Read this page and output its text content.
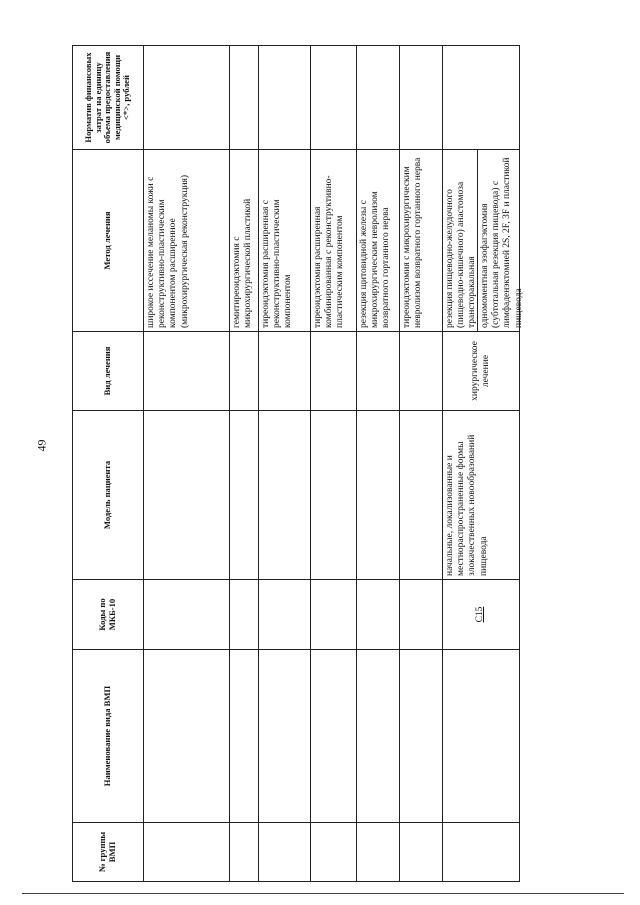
49
№ группы ВМП	Наименование вида ВМП	Коды по МКБ-10	Модель пациента	Вид лечения	Метод лечения	Норматив финансовых затрат на единицу объема предоставления медицинской помощи <*>, рублей
					широкое иссечение меланомы кожи с реконструктивно-пластическим компонентом расширенное (микрохирургическая реконструкция)	
					гемитиреоидэктомия с микрохирургической пластикой	
					тиреоидэктомия расширенная с реконструктивно-пластическим компонентом	
					тиреоидэктомия расширенная комбинированная с реконструктивно-пластическим компонентом	
					резекция щитовидной железы с микрохирургическим невролизом возвратного гортанного нерва	
					тиреоидэктомия с микрохирургическим невролизом возвратного гортанного нерва	
		C15	начальные, локализованные и местнораспространенные формы злокачественных новообразований пищевода	хирургическое лечение	резекция пищеводно-желудочного (пищеводно-кишечного) анастомоза трансторакальная одномоментная эзофагэктомия (субтотальная резекция пищевода) с лимфаденэктомией 2S, 2F, 3F и пластикой пищевода	
